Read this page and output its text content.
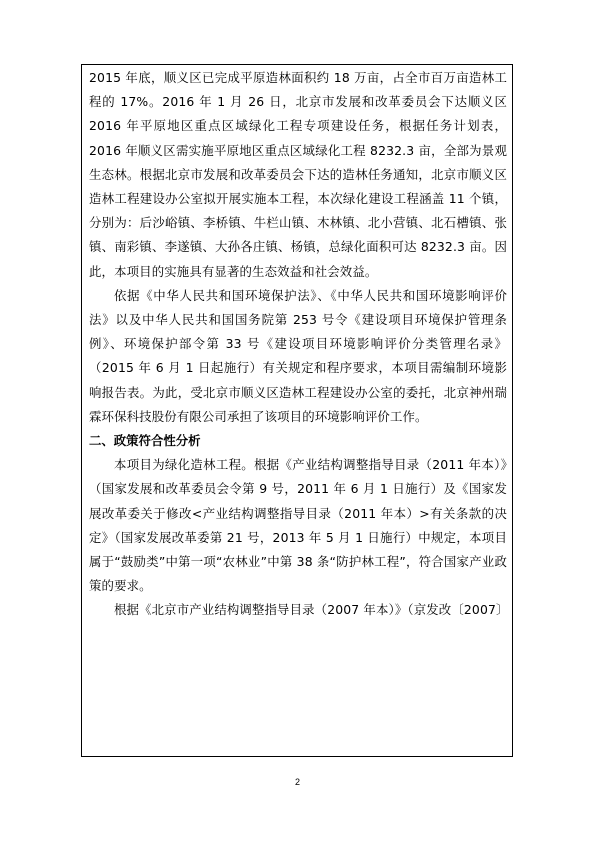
2015 年底，顺义区已完成平原造林面积约 18 万亩，占全市百万亩造林工程的 17%。2016 年 1 月 26 日，北京市发展和改革委员会下达顺义区 2016 年平原地区重点区域绿化工程专项建设任务，根据任务计划表，2016 年顺义区需实施平原地区重点区域绿化工程 8232.3 亩，全部为景观生态林。根据北京市发展和改革委员会下达的造林任务通知，北京市顺义区造林工程建设办公室拟开展实施本工程，本次绿化建设工程涵盖 11 个镇，分别为：后沙峪镇、李桥镇、牛栏山镇、木林镇、北小营镇、北石槽镇、张镇、南彩镇、李遂镇、大孙各庄镇、杨镇，总绿化面积可达 8232.3 亩。因此，本项目的实施具有显著的生态效益和社会效益。

依据《中华人民共和国环境保护法》、《中华人民共和国环境影响评价法》以及中华人民共和国国务院第 253 号令《建设项目环境保护管理条例》、环境保护部令第 33 号《建设项目环境影响评价分类管理名录》（2015 年 6 月 1 日起施行）有关规定和程序要求，本项目需编制环境影响报告表。为此，受北京市顺义区造林工程建设办公室的委托，北京神州瑞霖环保科技股份有限公司承担了该项目的环境影响评价工作。

二、政策符合性分析

本项目为绿化造林工程。根据《产业结构调整指导目录（2011 年本）》（国家发展和改革委员会令第 9 号，2011 年 6 月 1 日施行）及《国家发展改革委关于修改<产业结构调整指导目录（2011 年本）>有关条款的决定》（国家发展改革委第 21 号，2013 年 5 月 1 日施行）中规定，本项目属于“鼓励类”中第一项“农林业”中第 38 条“防护林工程”，符合国家产业政策的要求。

根据《北京市产业结构调整指导目录（2007 年本）》（京发改〔2007〕

2
